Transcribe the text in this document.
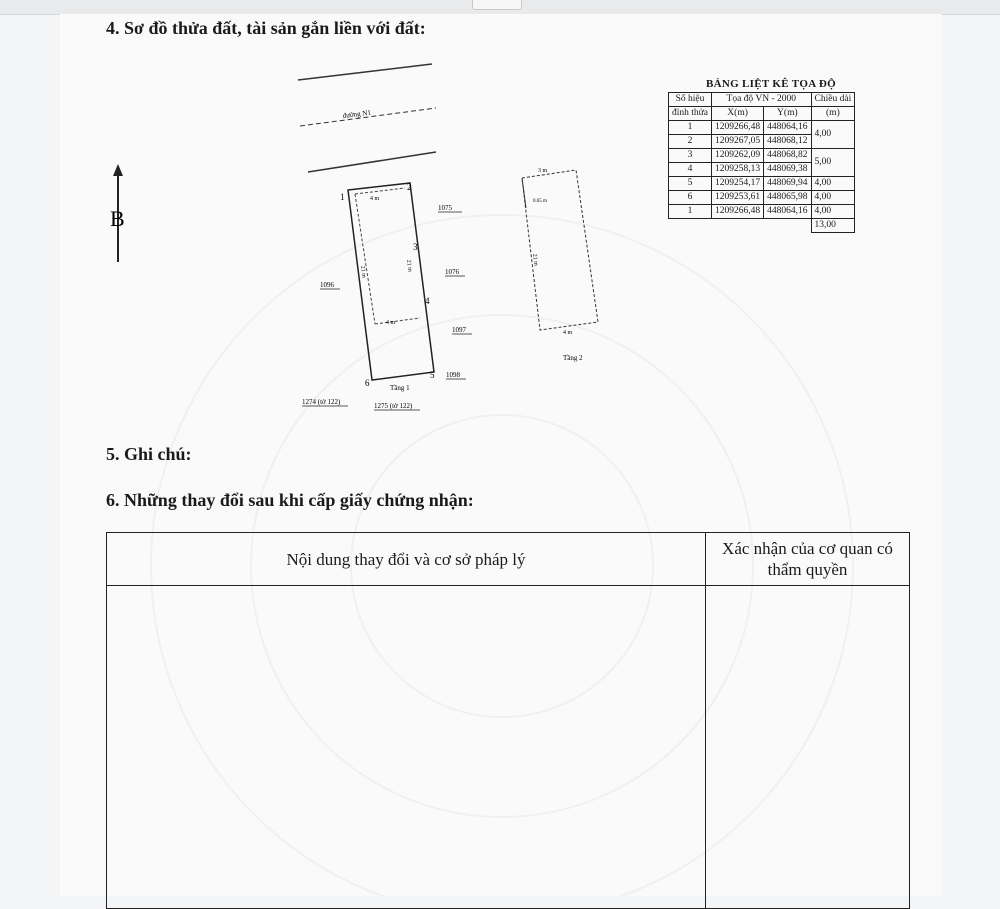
4. Sơ đồ thửa đất, tài sản gắn liền với đất:
5. Ghi chú:
6. Những thay đổi sau khi cấp giấy chứng nhận:
B
đường N1
1
2
3
4
5
6
4 m
4 m
21 m	21 m
Tầng 1
Tầng 2
1075
1076
1096
1097
1098
1274 (tờ 122)	1275 (tờ 122)
3 m
4 m
0.65 m
21 m
BẢNG LIỆT KÊ TỌA ĐỘ
Số hiệu	Tọa độ VN - 2000		Chiều dài
đỉnh thửa	X(m)	Y(m)	(m)
1	1209266,48	448064,16	4,00
2	1209267,05	448068,12	
3	1209262,09	448068,82	5,00
4	1209258,13	448069,38	
5	1209254,17	448069,94	4,00
6	1209253,61	448065,98	4,00
1	1209266,48	448064,16	4,00
			13,00
Nội dung thay đổi và cơ sở pháp lý	Xác nhận của cơ quan có
thẩm quyền
